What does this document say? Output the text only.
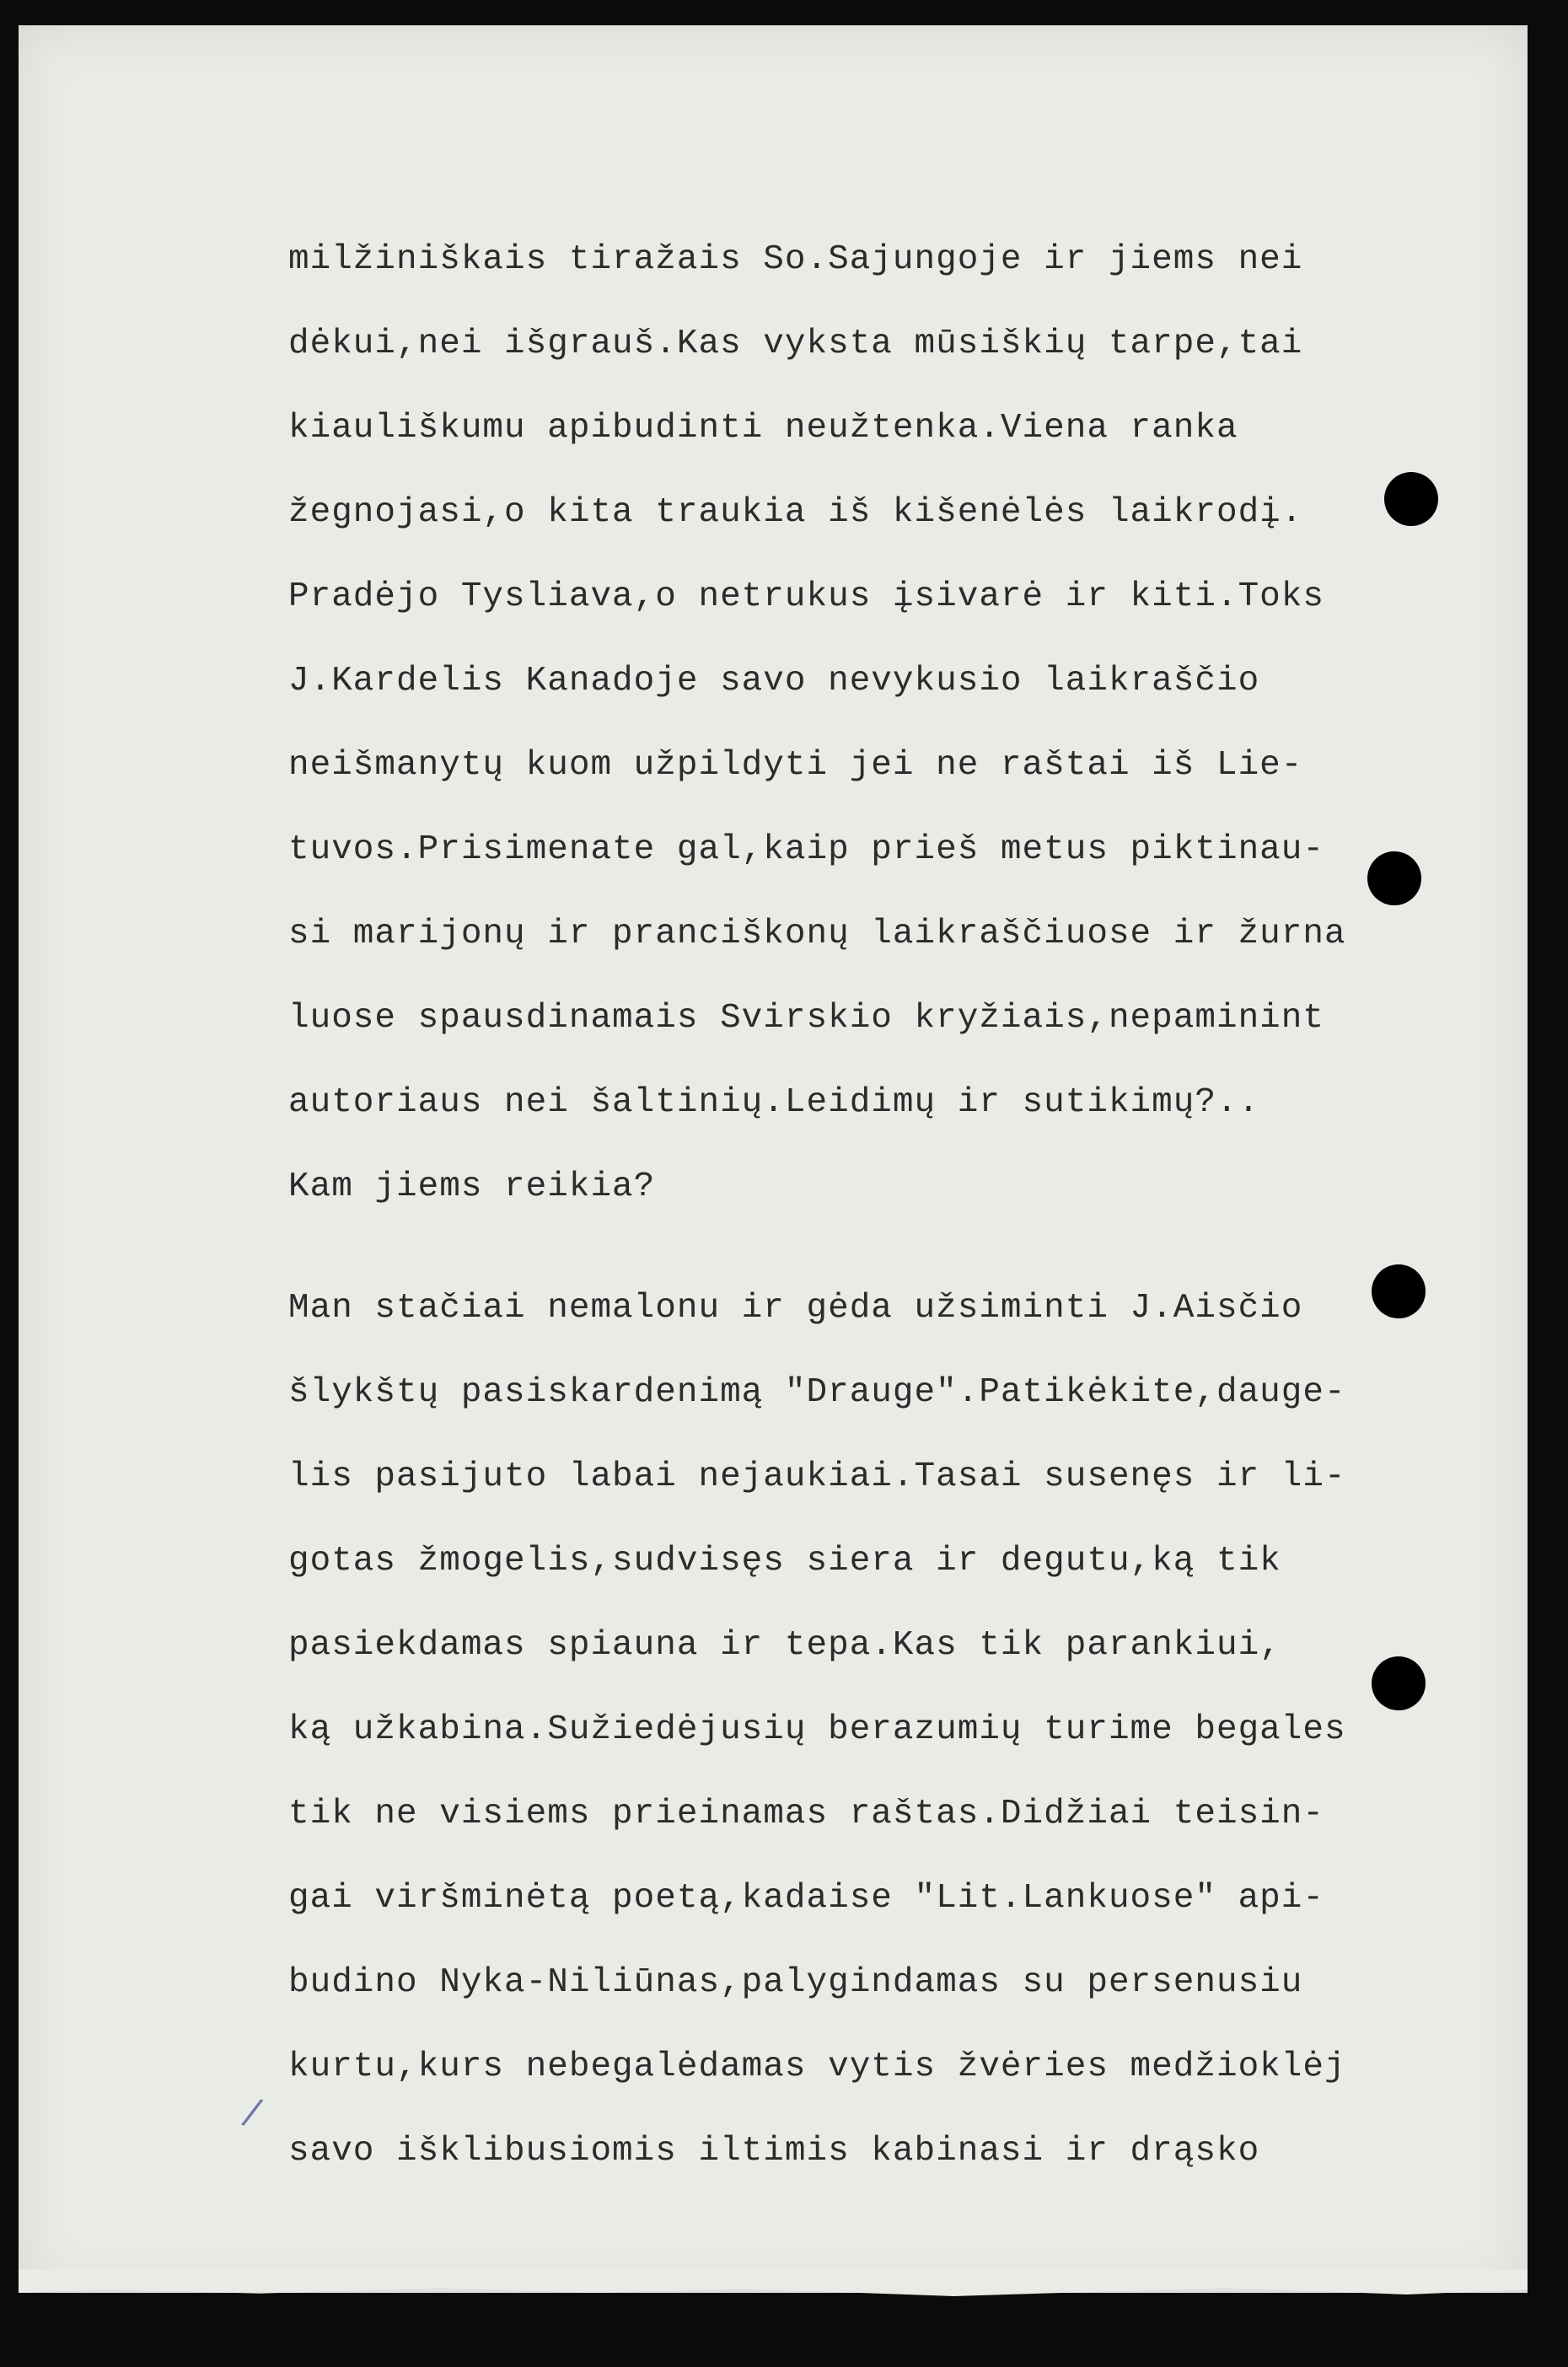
milžiniškais tiražais So.Sajungoje ir jiems nei
dėkui,nei išgrauš.Kas vyksta mūsiškių tarpe,tai
kiauliškumu apibudinti neužtenka.Viena ranka
žegnojasi,o kita traukia iš kišenėlės laikrodį.
Pradėjo Tysliava,o netrukus įsivarė ir kiti.Toks
J.Kardelis Kanadoje savo nevykusio laikraščio
neišmanytų kuom užpildyti jei ne raštai iš Lie-
tuvos.Prisimenate gal,kaip prieš metus piktinau-
si marijonų ir pranciškonų laikraščiuose ir žurna
luose spausdinamais Svirskio kryžiais,nepaminint
autoriaus nei šaltinių.Leidimų ir sutikimų?..
Kam jiems reikia?
Man stačiai nemalonu ir gėda užsiminti J.Aisčio
šlykštų pasiskardenimą "Drauge".Patikėkite,dauge-
lis pasijuto labai nejaukiai.Tasai susenęs ir li-
gotas žmogelis,sudvisęs siera ir degutu,ką tik
pasiekdamas spiauna ir tepa.Kas tik parankiui,
ką užkabina.Sužiedėjusių berazumių turime begales
tik ne visiems prieinamas raštas.Didžiai teisin-
gai viršminėtą poetą,kadaise "Lit.Lankuose" api-
budino Nyka-Niliūnas,palygindamas su persenusiu
kurtu,kurs nebegalėdamas vytis žvėries medžioklėj
savo išklibusiomis iltimis kabinasi ir drąsko
/
